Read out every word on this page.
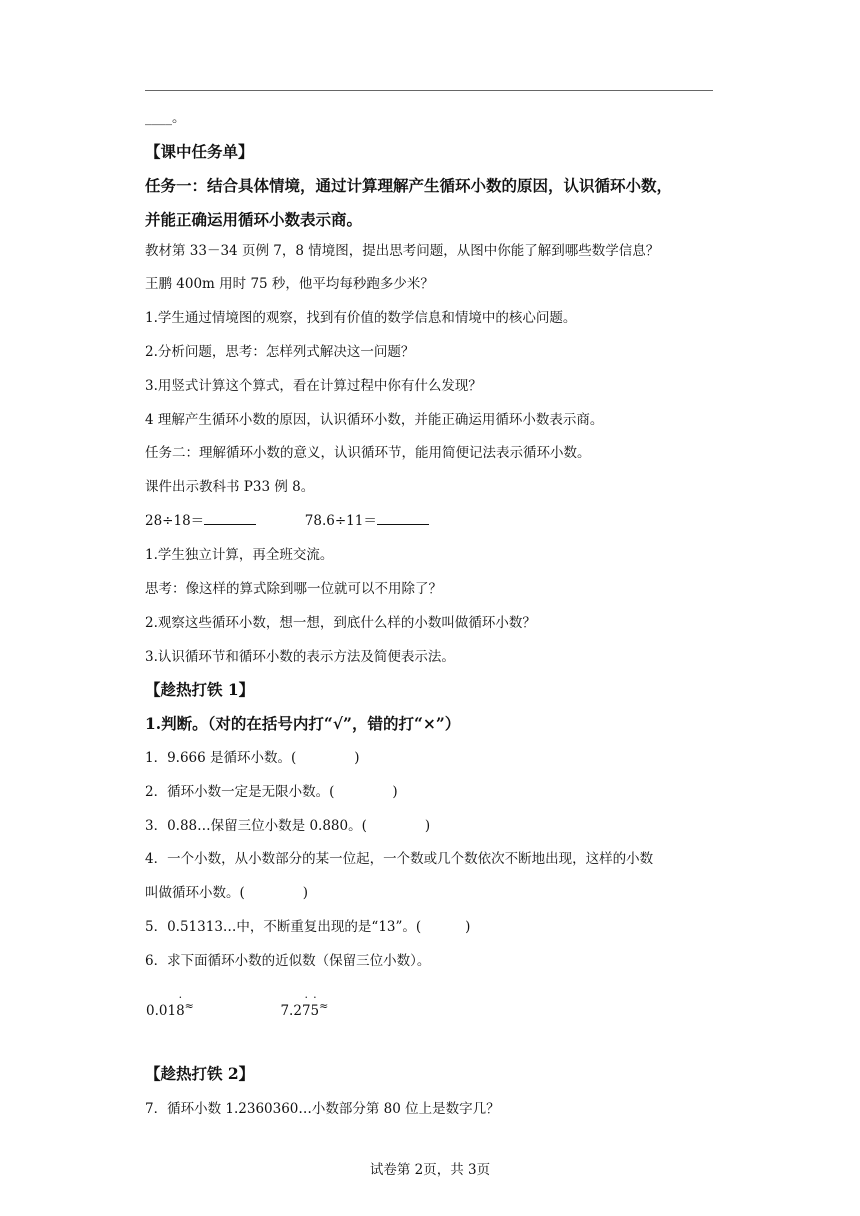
____。
【课中任务单】
任务一：结合具体情境，通过计算理解产生循环小数的原因，认识循环小数，
并能正确运用循环小数表示商。
教材第 33－34 页例 7，8 情境图，提出思考问题，从图中你能了解到哪些数学信息？
王鹏 400m 用时 75 秒，他平均每秒跑多少米？
1.学生通过情境图的观察，找到有价值的数学信息和情境中的核心问题。
2.分析问题，思考：怎样列式解决这一问题？
3.用竖式计算这个算式，看在计算过程中你有什么发现？
4 理解产生循环小数的原因，认识循环小数，并能正确运用循环小数表示商。
任务二：理解循环小数的意义，认识循环节，能用简便记法表示循环小数。
课件出示教科书 P33 例 8。
28÷18＝	78.6÷11＝
1.学生独立计算，再全班交流。
思考：像这样的算式除到哪一位就可以不用除了？
2.观察这些循环小数，想一想，到底什么样的小数叫做循环小数？
3.认识循环节和循环小数的表示方法及简便表示法。
【趁热打铁 1】
1.判断。（对的在括号内打“√”，错的打“×”）
1．9.666 是循环小数。(	)
2．循环小数一定是无限小数。(	)
3．0.88…保留三位小数是 0.880。(	)
4．一个小数，从小数部分的某一位起，一个数或几个数依次不断地出现，这样的小数
叫做循环小数。(	)
5．0.51313…中，不断重复出现的是“13”。(	)
6．求下面循环小数的近似数（保留三位小数）。
0.018
·
≈	7.27
·
5
·
≈
【趁热打铁 2】
7．循环小数 1.2360360…小数部分第 80 位上是数字几？
试卷第 2页，共 3页
